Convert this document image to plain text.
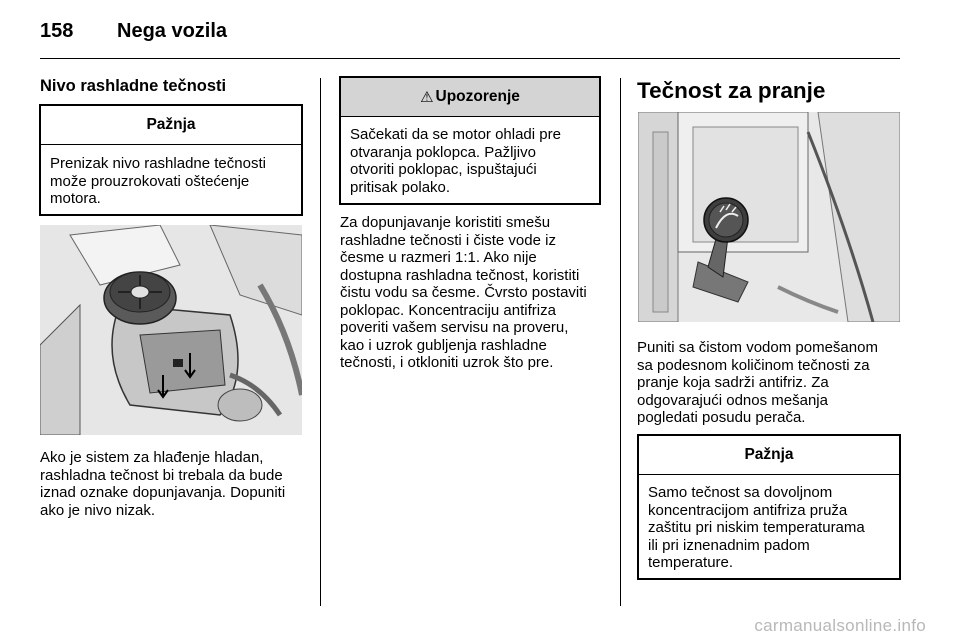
158 Nega vozila
Nivo rashladne tečnosti
Pažnja
Prenizak nivo rashladne tečnosti
može prouzrokovati oštećenje
motora.

Ako je sistem za hlađenje hladan,

rashladna tečnost bi trebala da bude

iznad oznake dopunjavanja. Dopuniti

ako je nivo nizak.

⚠ Upozorenje
Sačekati da se motor ohladi pre
otvaranja poklopca. Pažljivo
otvoriti poklopac, ispuštajući
pritisak polako.

Za dopunjavanje koristiti smešu

rashladne tečnosti i čiste vode iz

česme u razmeri 1:1. Ako nije

dostupna rashladna tečnost, koristiti

čistu vodu sa česme. Čvrsto postaviti

poklopac. Koncentraciju antifriza

poveriti vašem servisu na proveru,

kao i uzrok gubljenja rashladne

tečnosti, i otkloniti uzrok što pre.

Tečnost za pranje

Puniti sa čistom vodom pomešanom

sa podesnom količinom tečnosti za

pranje koja sadrži antifriz. Za

odgovarajući odnos mešanja

pogledati posudu perača.

Pažnja
Samo tečnost sa dovoljnom
koncentracijom antifriza pruža
zaštitu pri niskim temperaturama
ili pri iznenadnim padom
temperature.
carmanualsonline.info
